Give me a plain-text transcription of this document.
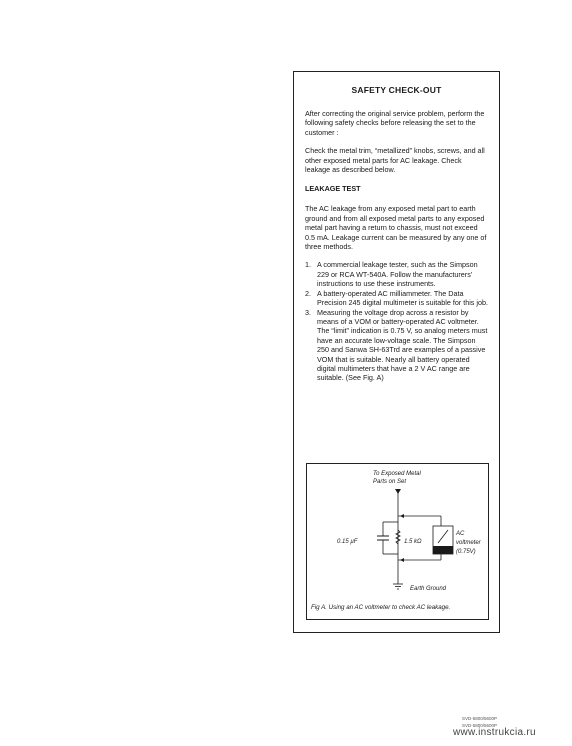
SAFETY CHECK-OUT

After correcting the original service problem, perform the following safety checks before releasing the set to the customer :

Check the metal trim, “metallized” knobs, screws, and all other exposed metal parts for AC leakage. Check leakage as described below.

LEAKAGE TEST

The AC leakage from any exposed metal part to earth ground and from all exposed metal parts to any exposed metal part having a return to chassis, must not exceed 0.5 mA. Leakage current can be measured by any one of three methods.

1. A commercial leakage tester, such as the Simpson 229 or RCA WT-540A. Follow the manufacturers’ instructions to use these instruments.
2. A battery-operated AC milliammeter. The Data Precision 245 digital multimeter is suitable for this job.
3. Measuring the voltage drop across a resistor by means of a VOM or battery-operated AC voltmeter. The “limit” indication is 0.75 V, so analog meters must have an accurate low-voltage scale. The Simpson 250 and Sanwa SH-63Trd are examples of a passive VOM that is suitable. Nearly all battery operated digital multimeters that have a 2 V AC range are suitable. (See Fig. A)
To Exposed Metal
Parts on Set
0.15 µF	1.5 kΩ
AC
voltmeter
(0.75V)
Earth Ground
Fig A. Using an AC voltmeter to check AC leakage.
SVD-5800/5600P
SVD-5800/5600P
www.instrukcia.ru
